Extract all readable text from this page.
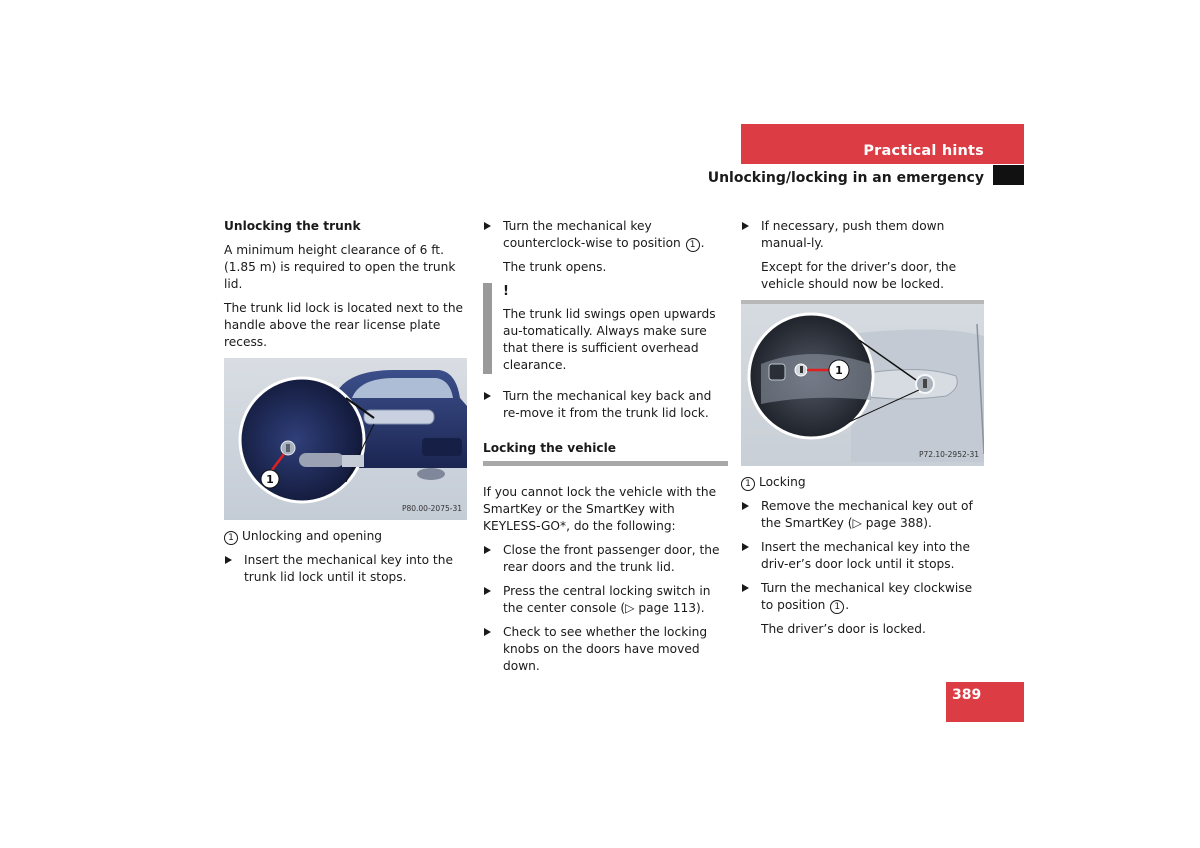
Practical hints
Unlocking/locking in an emergency
Unlocking the trunk
A minimum height clearance of 6 ft. (1.85 m) is required to open the trunk lid.
The trunk lid lock is located next to the handle above the rear license plate recess.
1
P80.00-2075-31
1 Unlocking and opening
Insert the mechanical key into the trunk lid lock until it stops.
Turn the mechanical key counterclock-wise to position 1 .
The trunk opens.
!
The trunk lid swings open upwards au-tomatically. Always make sure that there is sufficient overhead clearance.
Turn the mechanical key back and re-move it from the trunk lid lock.
Locking the vehicle
If you cannot lock the vehicle with the SmartKey or the SmartKey with KEYLESS-GO*, do the following:
Close the front passenger door, the rear doors and the trunk lid.
Press the central locking switch in the center console (▷ page 113).
Check to see whether the locking knobs on the doors have moved down.
If necessary, push them down manual-ly.
Except for the driver’s door, the vehicle should now be locked.
1
P72.10-2952-31
1 Locking
Remove the mechanical key out of the SmartKey (▷ page 388).
Insert the mechanical key into the driv-er’s door lock until it stops.
Turn the mechanical key clockwise to position 1 .
The driver’s door is locked.
389
